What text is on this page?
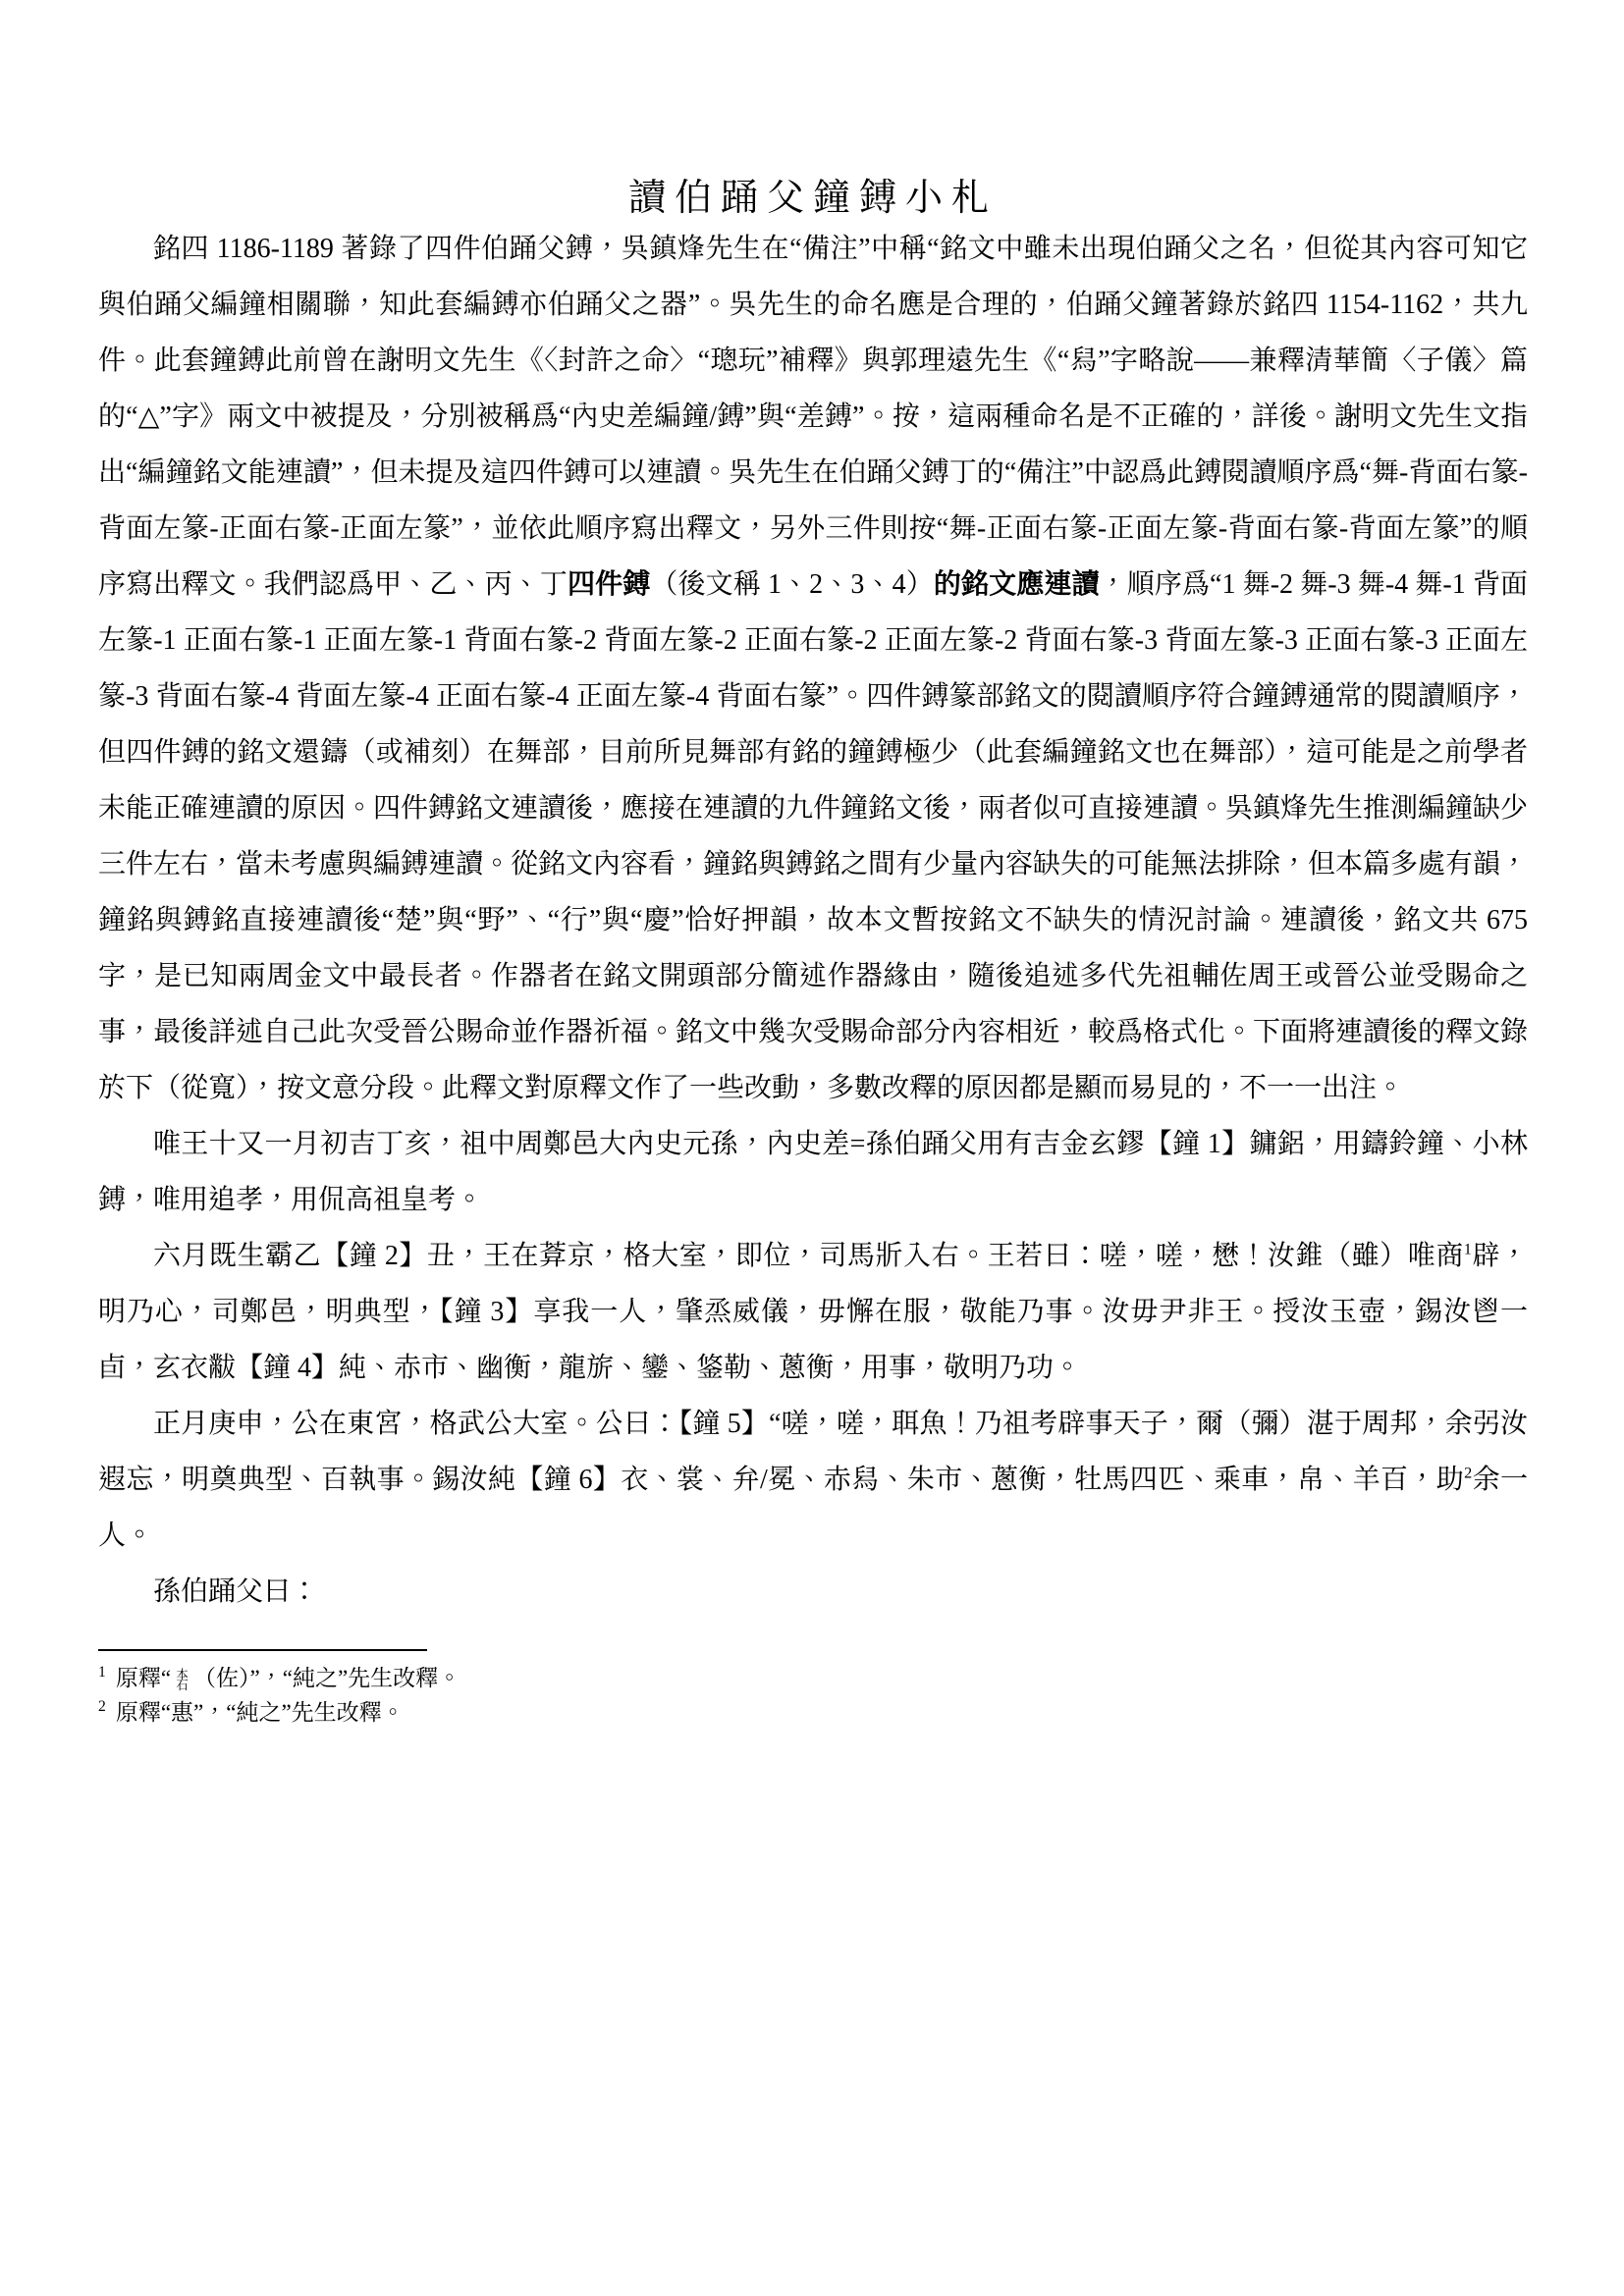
讀伯踊父鐘鎛小札

銘四 1186-1189 著錄了四件伯踊父鎛，吳鎮烽先生在“備注”中稱“銘文中雖未出現伯踊父之名，但從其內容可知它與伯踊父編鐘相關聯，知此套編鎛亦伯踊父之器”。吳先生的命名應是合理的，伯踊父鐘著錄於銘四 1154-1162，共九件。此套鐘鎛此前曾在謝明文先生《〈封許之命〉“璁玩”補釋》與郭理遠先生《“舄”字略說——兼釋清華簡〈子儀〉篇的“△”字》兩文中被提及，分別被稱爲“內史差編鐘/鎛”與“差鎛”。按，這兩種命名是不正確的，詳後。謝明文先生文指出“編鐘銘文能連讀”，但未提及這四件鎛可以連讀。吳先生在伯踊父鎛丁的“備注”中認爲此鎛閱讀順序爲“舞-背面右篆-背面左篆-正面右篆-正面左篆”，並依此順序寫出釋文，另外三件則按“舞-正面右篆-正面左篆-背面右篆-背面左篆”的順序寫出釋文。我們認爲甲、乙、丙、丁四件鎛（後文稱 1、2、3、4）的銘文應連讀，順序爲“1 舞-2 舞-3 舞-4 舞-1 背面左篆-1 正面右篆-1 正面左篆-1 背面右篆-2 背面左篆-2 正面右篆-2 正面左篆-2 背面右篆-3 背面左篆-3 正面右篆-3 正面左篆-3 背面右篆-4 背面左篆-4 正面右篆-4 正面左篆-4 背面右篆”。四件鎛篆部銘文的閱讀順序符合鐘鎛通常的閱讀順序，但四件鎛的銘文還鑄（或補刻）在舞部，目前所見舞部有銘的鐘鎛極少（此套編鐘銘文也在舞部），這可能是之前學者未能正確連讀的原因。四件鎛銘文連讀後，應接在連讀的九件鐘銘文後，兩者似可直接連讀。吳鎮烽先生推測編鐘缺少三件左右，當未考慮與編鎛連讀。從銘文內容看，鐘銘與鎛銘之間有少量內容缺失的可能無法排除，但本篇多處有韻，鐘銘與鎛銘直接連讀後“楚”與“野”、“行”與“慶”恰好押韻，故本文暫按銘文不缺失的情況討論。連讀後，銘文共 675 字，是已知兩周金文中最長者。作器者在銘文開頭部分簡述作器緣由，隨後追述多代先祖輔佐周王或晉公並受賜命之事，最後詳述自己此次受晉公賜命並作器祈福。銘文中幾次受賜命部分內容相近，較爲格式化。下面將連讀後的釋文錄於下（從寬），按文意分段。此釋文對原釋文作了一些改動，多數改釋的原因都是顯而易見的，不一一出注。

唯王十又一月初吉丁亥，祖中周鄭邑大內史元孫，內史差=孫伯踊父用有吉金玄鏐【鐘 1】鏞鋁，用鑄鈴鐘、小林鎛，唯用追孝，用侃高祖皇考。

六月既生霸乙【鐘 2】丑，王在葊京，格大室，即位，司馬斨入右。王若曰：嗟，嗟，懋！汝錐（雖）唯商$^1$辟，明乃心，司鄭邑，明典型，【鐘 3】享我一人，肇烝威儀，毋懈在服，敬能乃事。汝毋尹非王。授汝玉壺，錫汝鬯一卣，玄衣黻【鐘 4】純、赤市、幽衡，龍旂、鑾、鋚勒、蔥衡，用事，敬明乃功。

正月庚申，公在東宮，格武公大室。公曰：【鐘 5】“嗟，嗟，聑魚！乃祖考辟事天子，爾（彌）湛于周邦，余弜汝遐忘，明奠典型、百執事。錫汝純【鐘 6】衣、裳、弁/冕、赤舄、朱市、蔥衡，牡馬四匹、乘車，帛、羊百，助$^2$余一人。

孫伯踊父曰：

$^1$ 原釋“ 本
石 （佐）”，“純之”先生改釋。
$^2$ 原釋“惠”，“純之”先生改釋。
